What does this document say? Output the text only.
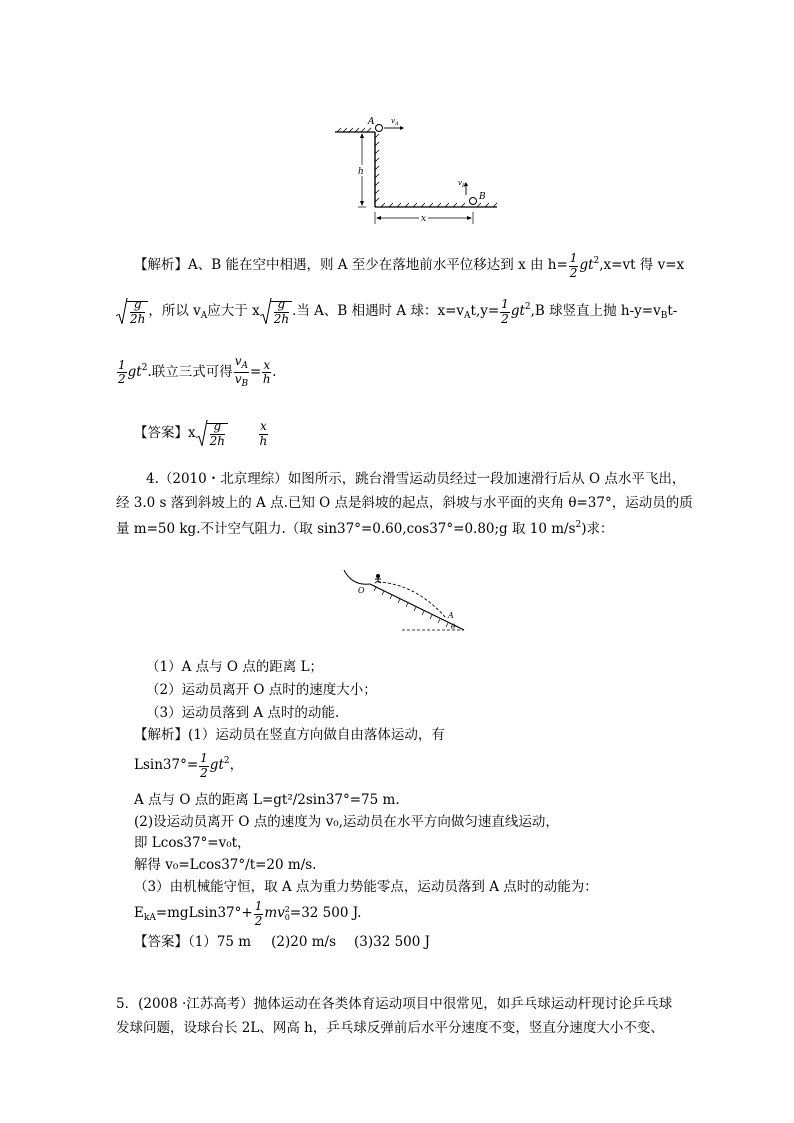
A v A
h
B
v B
x
【解析】A、B 能在空中相遇，则 A 至少在落地前水平位移达到 x 由 $h= \frac{1}{2} gt^2,x=vt$ 得 v=x
$\frac{g}{2h}$ ，所以 $v_A$应大于 x $\frac{g}{2h}$ .当 A、B 相遇时 A 球：$x=v_At,y= \frac{1}{2} gt^2,B$ 球竖直上抛 $h-y=v_Bt-$
$\frac{1}{2} gt^2$.联立三式可得 $\frac{v_A}{v_B} = \frac{x}{h}$ .
【答案】x $\frac{g}{2h}$	$\frac{x}{h}$
4.（2010・北京理综）如图所示，跳台滑雪运动员经过一段加速滑行后从 O 点水平飞出，
经 3.0 s 落到斜坡上的 A 点.已知 O 点是斜坡的起点，斜坡与水平面的夹角 θ=37°，运动员的质
量 m=50 kg.不计空气阻力.（取 sin37°=0.60,cos37°=0.80;g 取 10 $m/s^2$)求：
O
A
θ
（1）A 点与 O 点的距离 L；
（2）运动员离开 O 点时的速度大小；
（3）运动员落到 A 点时的动能.
【解析】(1）运动员在竖直方向做自由落体运动，有
$Lsin37^\circ= \frac{1}{2} gt^2$，
A 点与 O 点的距离 L=gt²/2sin37°=75 m.
(2)设运动员离开 O 点的速度为 v₀,运动员在水平方向做匀速直线运动，
即 Lcos37°=v₀t，
解得 v₀=Lcos37°/t=20 m/s.
（3）由机械能守恒，取 A 点为重力势能零点，运动员落到 A 点时的动能为：
$E_{kA}=mgLsin37^\circ+ \frac{1}{2}$ mv 2
0 =32 500 J.
【答案】（1）75 m (2)20 m/s (3)32 500 J
5．(2008 ·江苏高考）抛体运动在各类体育运动项目中很常见，如乒乓球运动杆现讨论乒乓球
发球问题，设球台长 2L、网高 h，乒乓球反弹前后水平分速度不变，竖直分速度大小不变、
